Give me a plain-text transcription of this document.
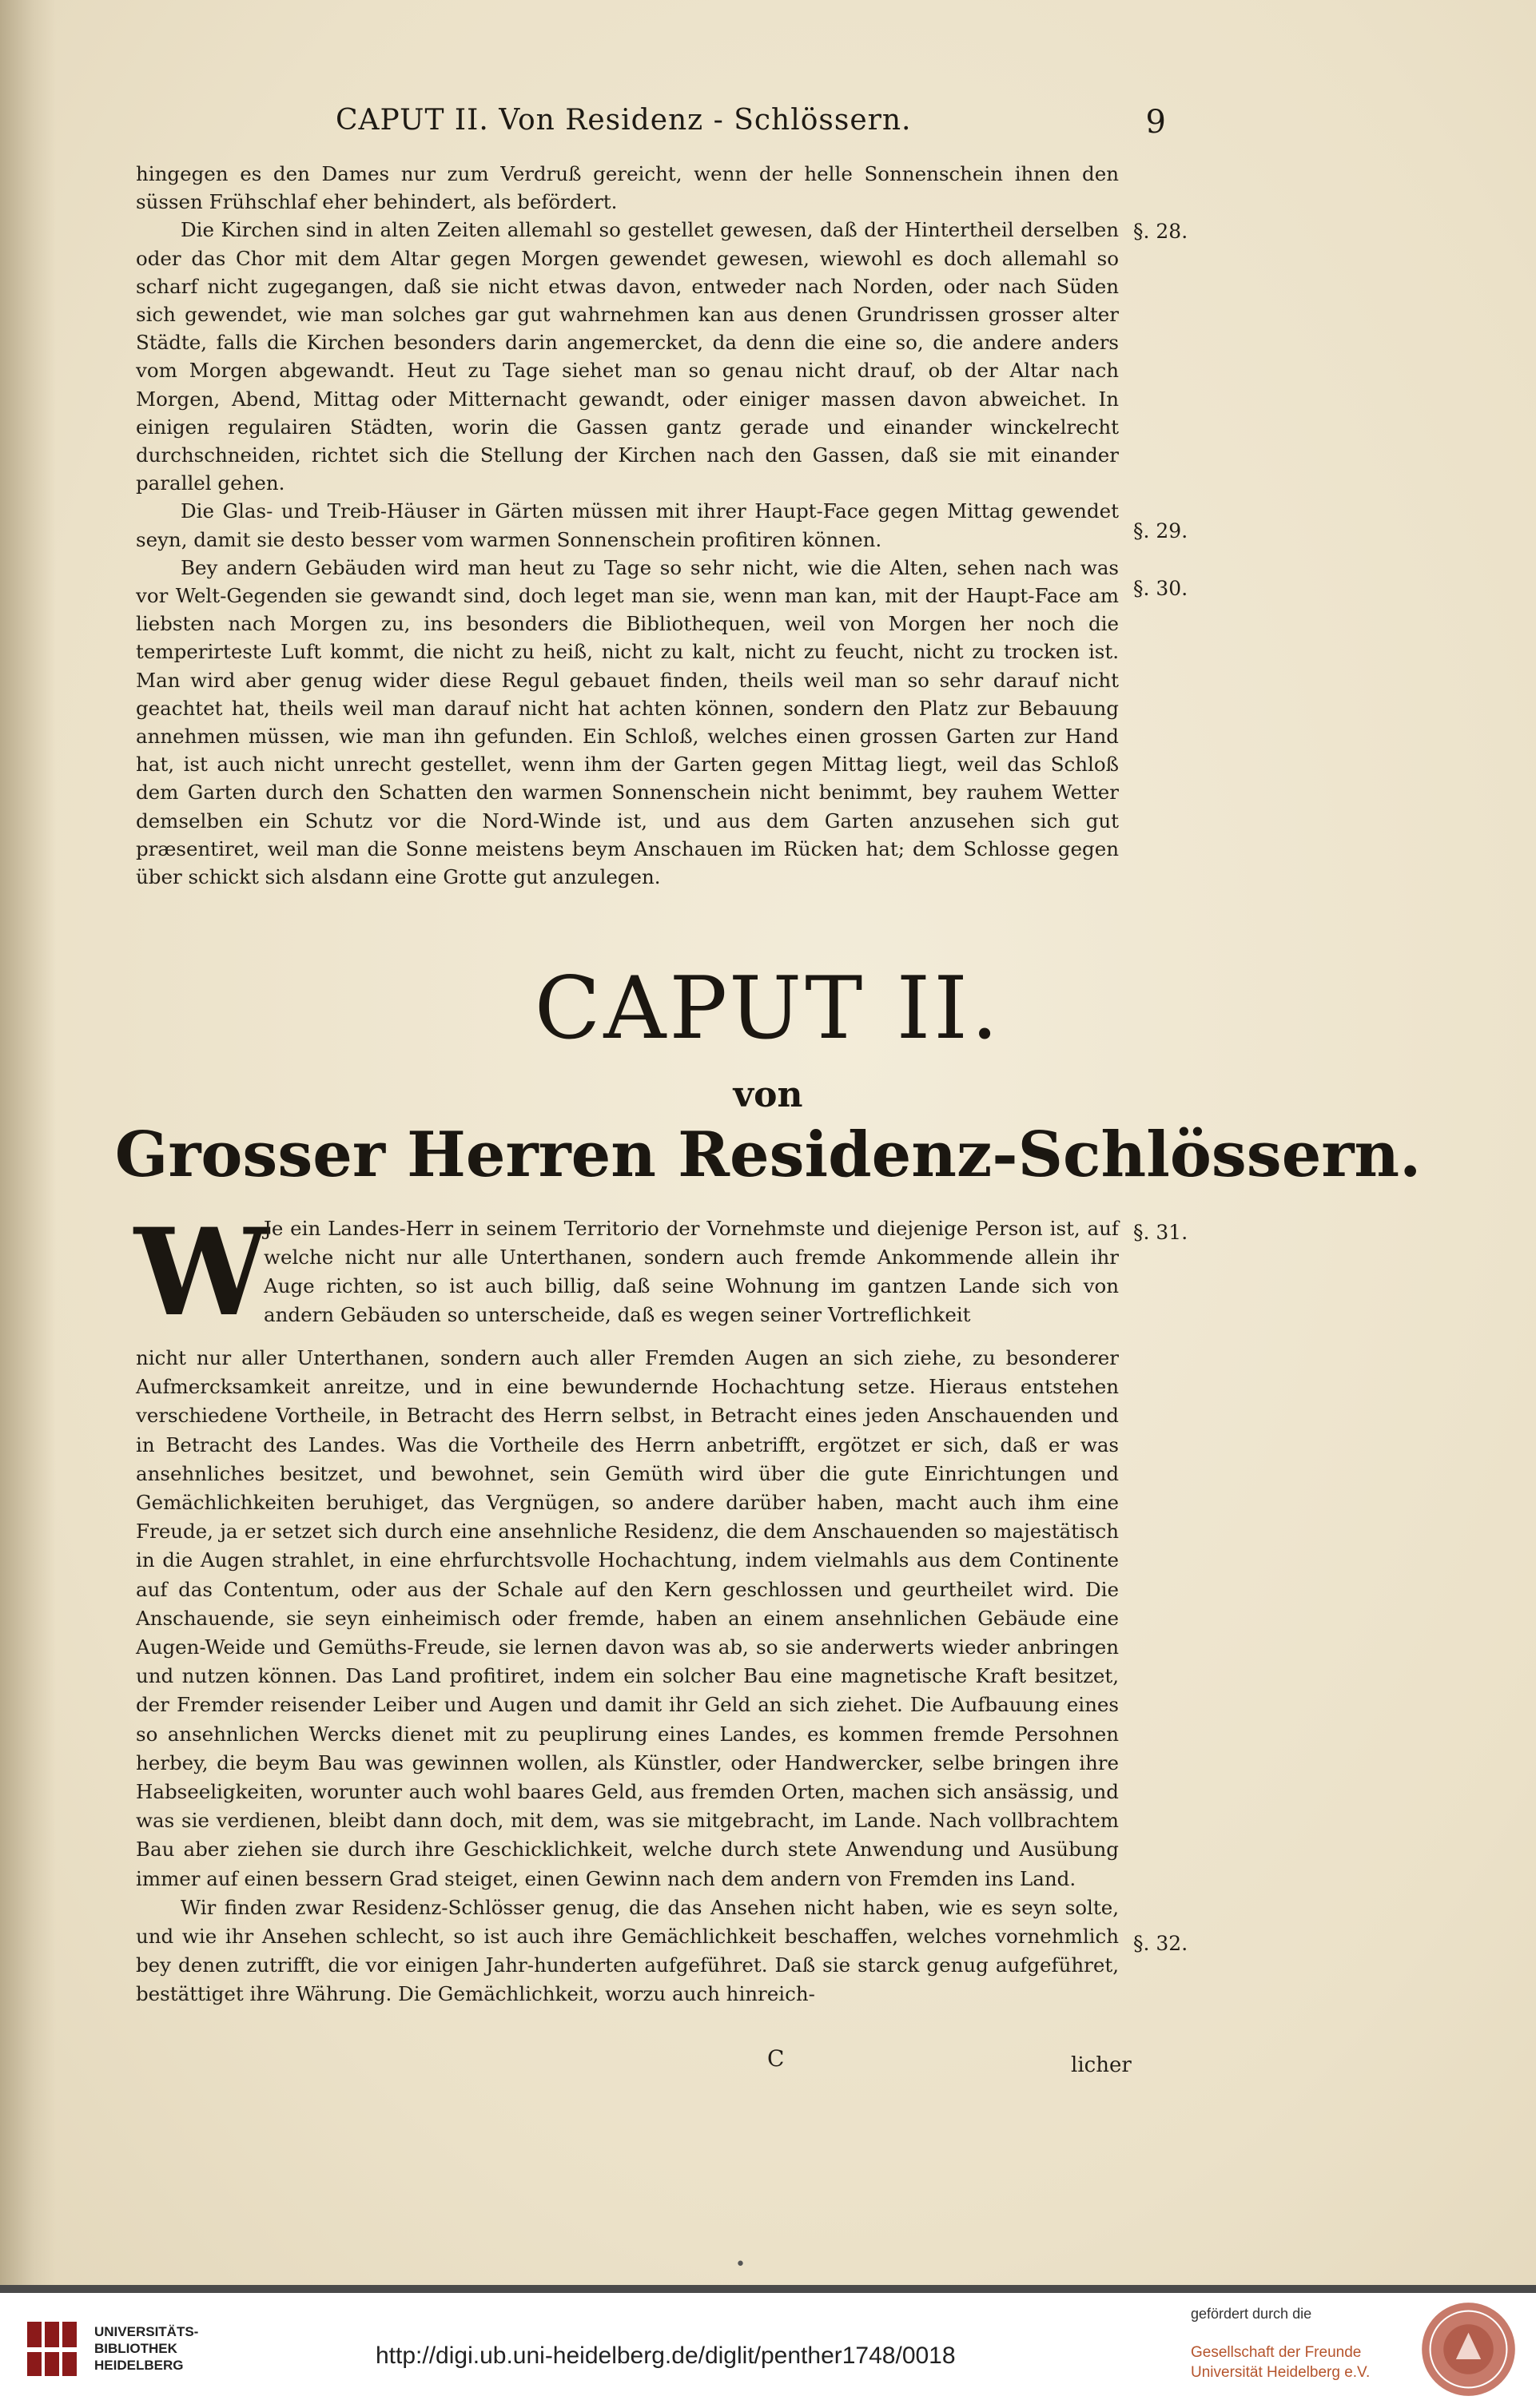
CAPUT II. Von Residenz - Schlössern.	9

hingegen es den Dames nur zum Verdruß gereicht, wenn der helle Sonnenschein ihnen den süssen Frühschlaf eher behindert, als befördert.

Die Kirchen sind in alten Zeiten allemahl so gestellet gewesen, daß der Hintertheil derselben oder das Chor mit dem Altar gegen Morgen gewendet gewesen, wiewohl es doch allemahl so scharf nicht zugegangen, daß sie nicht etwas davon, entweder nach Norden, oder nach Süden sich gewendet, wie man solches gar gut wahrnehmen kan aus denen Grundrissen grosser alter Städte, falls die Kirchen besonders darin angemercket, da denn die eine so, die andere anders vom Morgen abgewandt. Heut zu Tage siehet man so genau nicht drauf, ob der Altar nach Morgen, Abend, Mittag oder Mitternacht gewandt, oder einiger massen davon abweichet. In einigen regulairen Städten, worin die Gassen gantz gerade und einander winckelrecht durchschneiden, richtet sich die Stellung der Kirchen nach den Gassen, daß sie mit einander parallel gehen.

Die Glas- und Treib-Häuser in Gärten müssen mit ihrer Haupt-Face gegen Mittag gewendet seyn, damit sie desto besser vom warmen Sonnenschein profitiren können.

Bey andern Gebäuden wird man heut zu Tage so sehr nicht, wie die Alten, sehen nach was vor Welt-Gegenden sie gewandt sind, doch leget man sie, wenn man kan, mit der Haupt-Face am liebsten nach Morgen zu, ins besonders die Bibliothequen, weil von Morgen her noch die temperirteste Luft kommt, die nicht zu heiß, nicht zu kalt, nicht zu feucht, nicht zu trocken ist. Man wird aber genug wider diese Regul gebauet finden, theils weil man so sehr darauf nicht geachtet hat, theils weil man darauf nicht hat achten können, sondern den Platz zur Bebauung annehmen müssen, wie man ihn gefunden. Ein Schloß, welches einen grossen Garten zur Hand hat, ist auch nicht unrecht gestellet, wenn ihm der Garten gegen Mittag liegt, weil das Schloß dem Garten durch den Schatten den warmen Sonnenschein nicht benimmt, bey rauhem Wetter demselben ein Schutz vor die Nord-Winde ist, und aus dem Garten anzusehen sich gut præsentiret, weil man die Sonne meistens beym Anschauen im Rücken hat; dem Schlosse gegen über schickt sich alsdann eine Grotte gut anzulegen.

§. 28.
§. 29.
§. 30.
§. 31.
§. 32.
CAPUT II.
von
Grosser Herren Residenz-Schlössern.
W

Je ein Landes-Herr in seinem Territorio der Vornehmste und diejenige Person ist, auf welche nicht nur alle Unterthanen, sondern auch fremde Ankommende allein ihr Auge richten, so ist auch billig, daß seine Wohnung im gantzen Lande sich von andern Gebäuden so unterscheide, daß es wegen seiner Vortreflichkeit

nicht nur aller Unterthanen, sondern auch aller Fremden Augen an sich ziehe, zu besonderer Aufmercksamkeit anreitze, und in eine bewundernde Hochachtung setze. Hieraus entstehen verschiedene Vortheile, in Betracht des Herrn selbst, in Betracht eines jeden Anschauenden und in Betracht des Landes. Was die Vortheile des Herrn anbetrifft, ergötzet er sich, daß er was ansehnliches besitzet, und bewohnet, sein Gemüth wird über die gute Einrichtungen und Gemächlichkeiten beruhiget, das Vergnügen, so andere darüber haben, macht auch ihm eine Freude, ja er setzet sich durch eine ansehnliche Residenz, die dem Anschauenden so majestätisch in die Augen strahlet, in eine ehrfurchtsvolle Hochachtung, indem vielmahls aus dem Continente auf das Contentum, oder aus der Schale auf den Kern geschlossen und geurtheilet wird. Die Anschauende, sie seyn einheimisch oder fremde, haben an einem ansehnlichen Gebäude eine Augen-Weide und Gemüths-Freude, sie lernen davon was ab, so sie anderwerts wieder anbringen und nutzen können. Das Land profitiret, indem ein solcher Bau eine magnetische Kraft besitzet, der Fremder reisender Leiber und Augen und damit ihr Geld an sich ziehet. Die Aufbauung eines so ansehnlichen Wercks dienet mit zu peuplirung eines Landes, es kommen fremde Persohnen herbey, die beym Bau was gewinnen wollen, als Künstler, oder Handwercker, selbe bringen ihre Habseeligkeiten, worunter auch wohl baares Geld, aus fremden Orten, machen sich ansässig, und was sie verdienen, bleibt dann doch, mit dem, was sie mitgebracht, im Lande. Nach vollbrachtem Bau aber ziehen sie durch ihre Geschicklichkeit, welche durch stete Anwendung und Ausübung immer auf einen bessern Grad steiget, einen Gewinn nach dem andern von Fremden ins Land.

Wir finden zwar Residenz-Schlösser genug, die das Ansehen nicht haben, wie es seyn solte, und wie ihr Ansehen schlecht, so ist auch ihre Gemächlichkeit beschaffen, welches vornehmlich bey denen zutrifft, die vor einigen Jahr-hunderten aufgeführet. Daß sie starck genug aufgeführet, bestättiget ihre Währung. Die Gemächlichkeit, worzu auch hinreich-

C	licher
•
UNIVERSITÄTS-
BIBLIOTHEK
HEIDELBERG	http://digi.ub.uni-heidelberg.de/diglit/penther1748/0018
gefördert durch die
Gesellschaft der Freunde
Universität Heidelberg e.V.
